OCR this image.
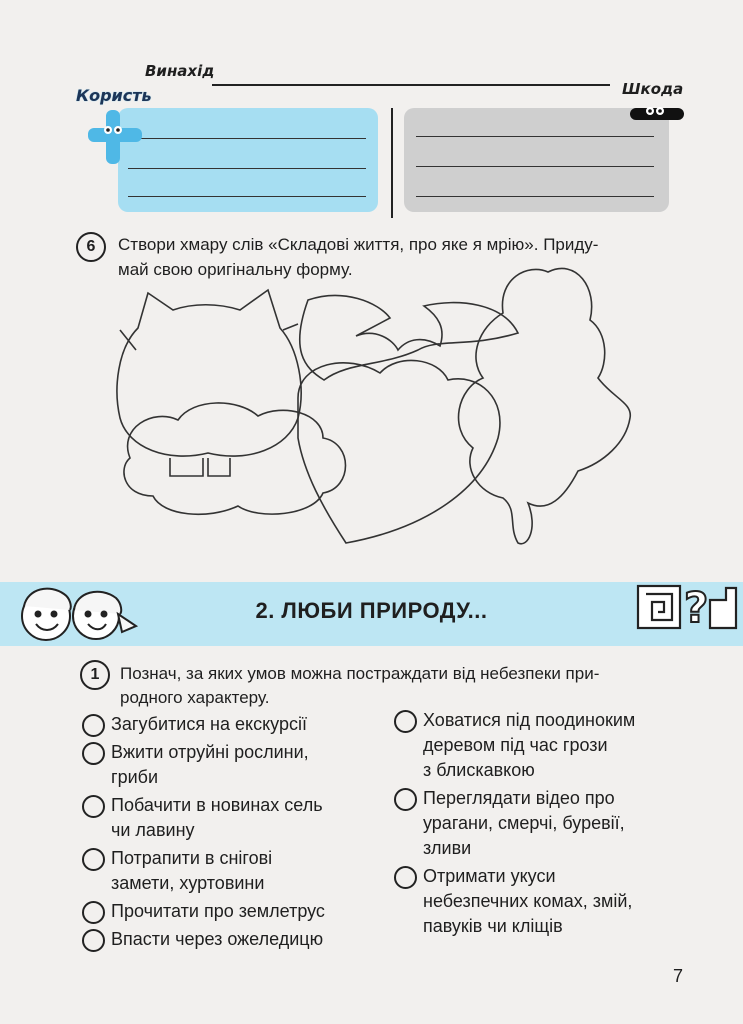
Винахід
Користь	Шкода
6	Створи хмару слів «Складові життя, про яке я мрію». Приду-
май свою оригінальну форму.
2. ЛЮБИ ПРИРОДУ...	?
1	Познач, за яких умов можна постраждати від небезпеки при-
родного характеру.
Загубитися на екскурсії
Вжити отруйні рослини,
гриби
Побачити в новинах сель
чи лавину
Потрапити в снігові
замети, хуртовини
Прочитати про землетрус
Впасти через ожеледицю
Ховатися під поодиноким
деревом під час грози
з блискавкою
Переглядати відео про
урагани, смерчі, буревії,
зливи
Отримати укуси
небезпечних комах, змій,
павуків чи кліщів
7
